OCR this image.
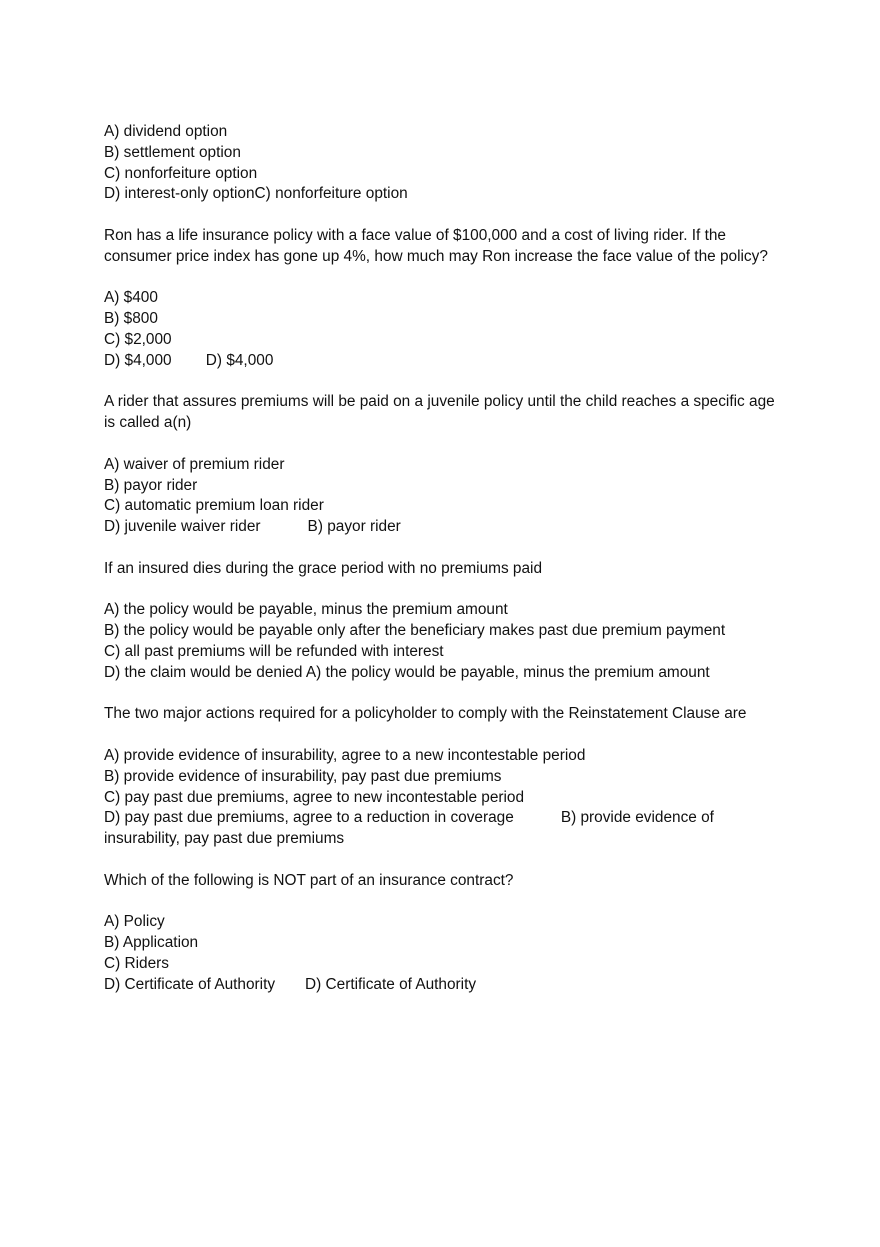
A) dividend option
B) settlement option
C) nonforfeiture option
D) interest-only optionC) nonforfeiture option
Ron has a life insurance policy with a face value of $100,000 and a cost of living rider. If the consumer price index has gone up 4%, how much may Ron increase the face value of the policy?
A) $400
B) $800
C) $2,000
D) $4,000        D) $4,000
A rider that assures premiums will be paid on a juvenile policy until the child reaches a specific age is called a(n)
A) waiver of premium rider
B) payor rider
C) automatic premium loan rider
D) juvenile waiver rider           B) payor rider
If an insured dies during the grace period with no premiums paid
A) the policy would be payable, minus the premium amount
B) the policy would be payable only after the beneficiary makes past due premium payment
C) all past premiums will be refunded with interest
D) the claim would be denied A) the policy would be payable, minus the premium amount
The two major actions required for a policyholder to comply with the Reinstatement Clause are
A) provide evidence of insurability, agree to a new incontestable period
B) provide evidence of insurability, pay past due premiums
C) pay past due premiums, agree to new incontestable period
D) pay past due premiums, agree to a reduction in coverage           B) provide evidence of
insurability, pay past due premiums
Which of the following is NOT part of an insurance contract?
A) Policy
B) Application
C) Riders
D) Certificate of Authority       D) Certificate of Authority
